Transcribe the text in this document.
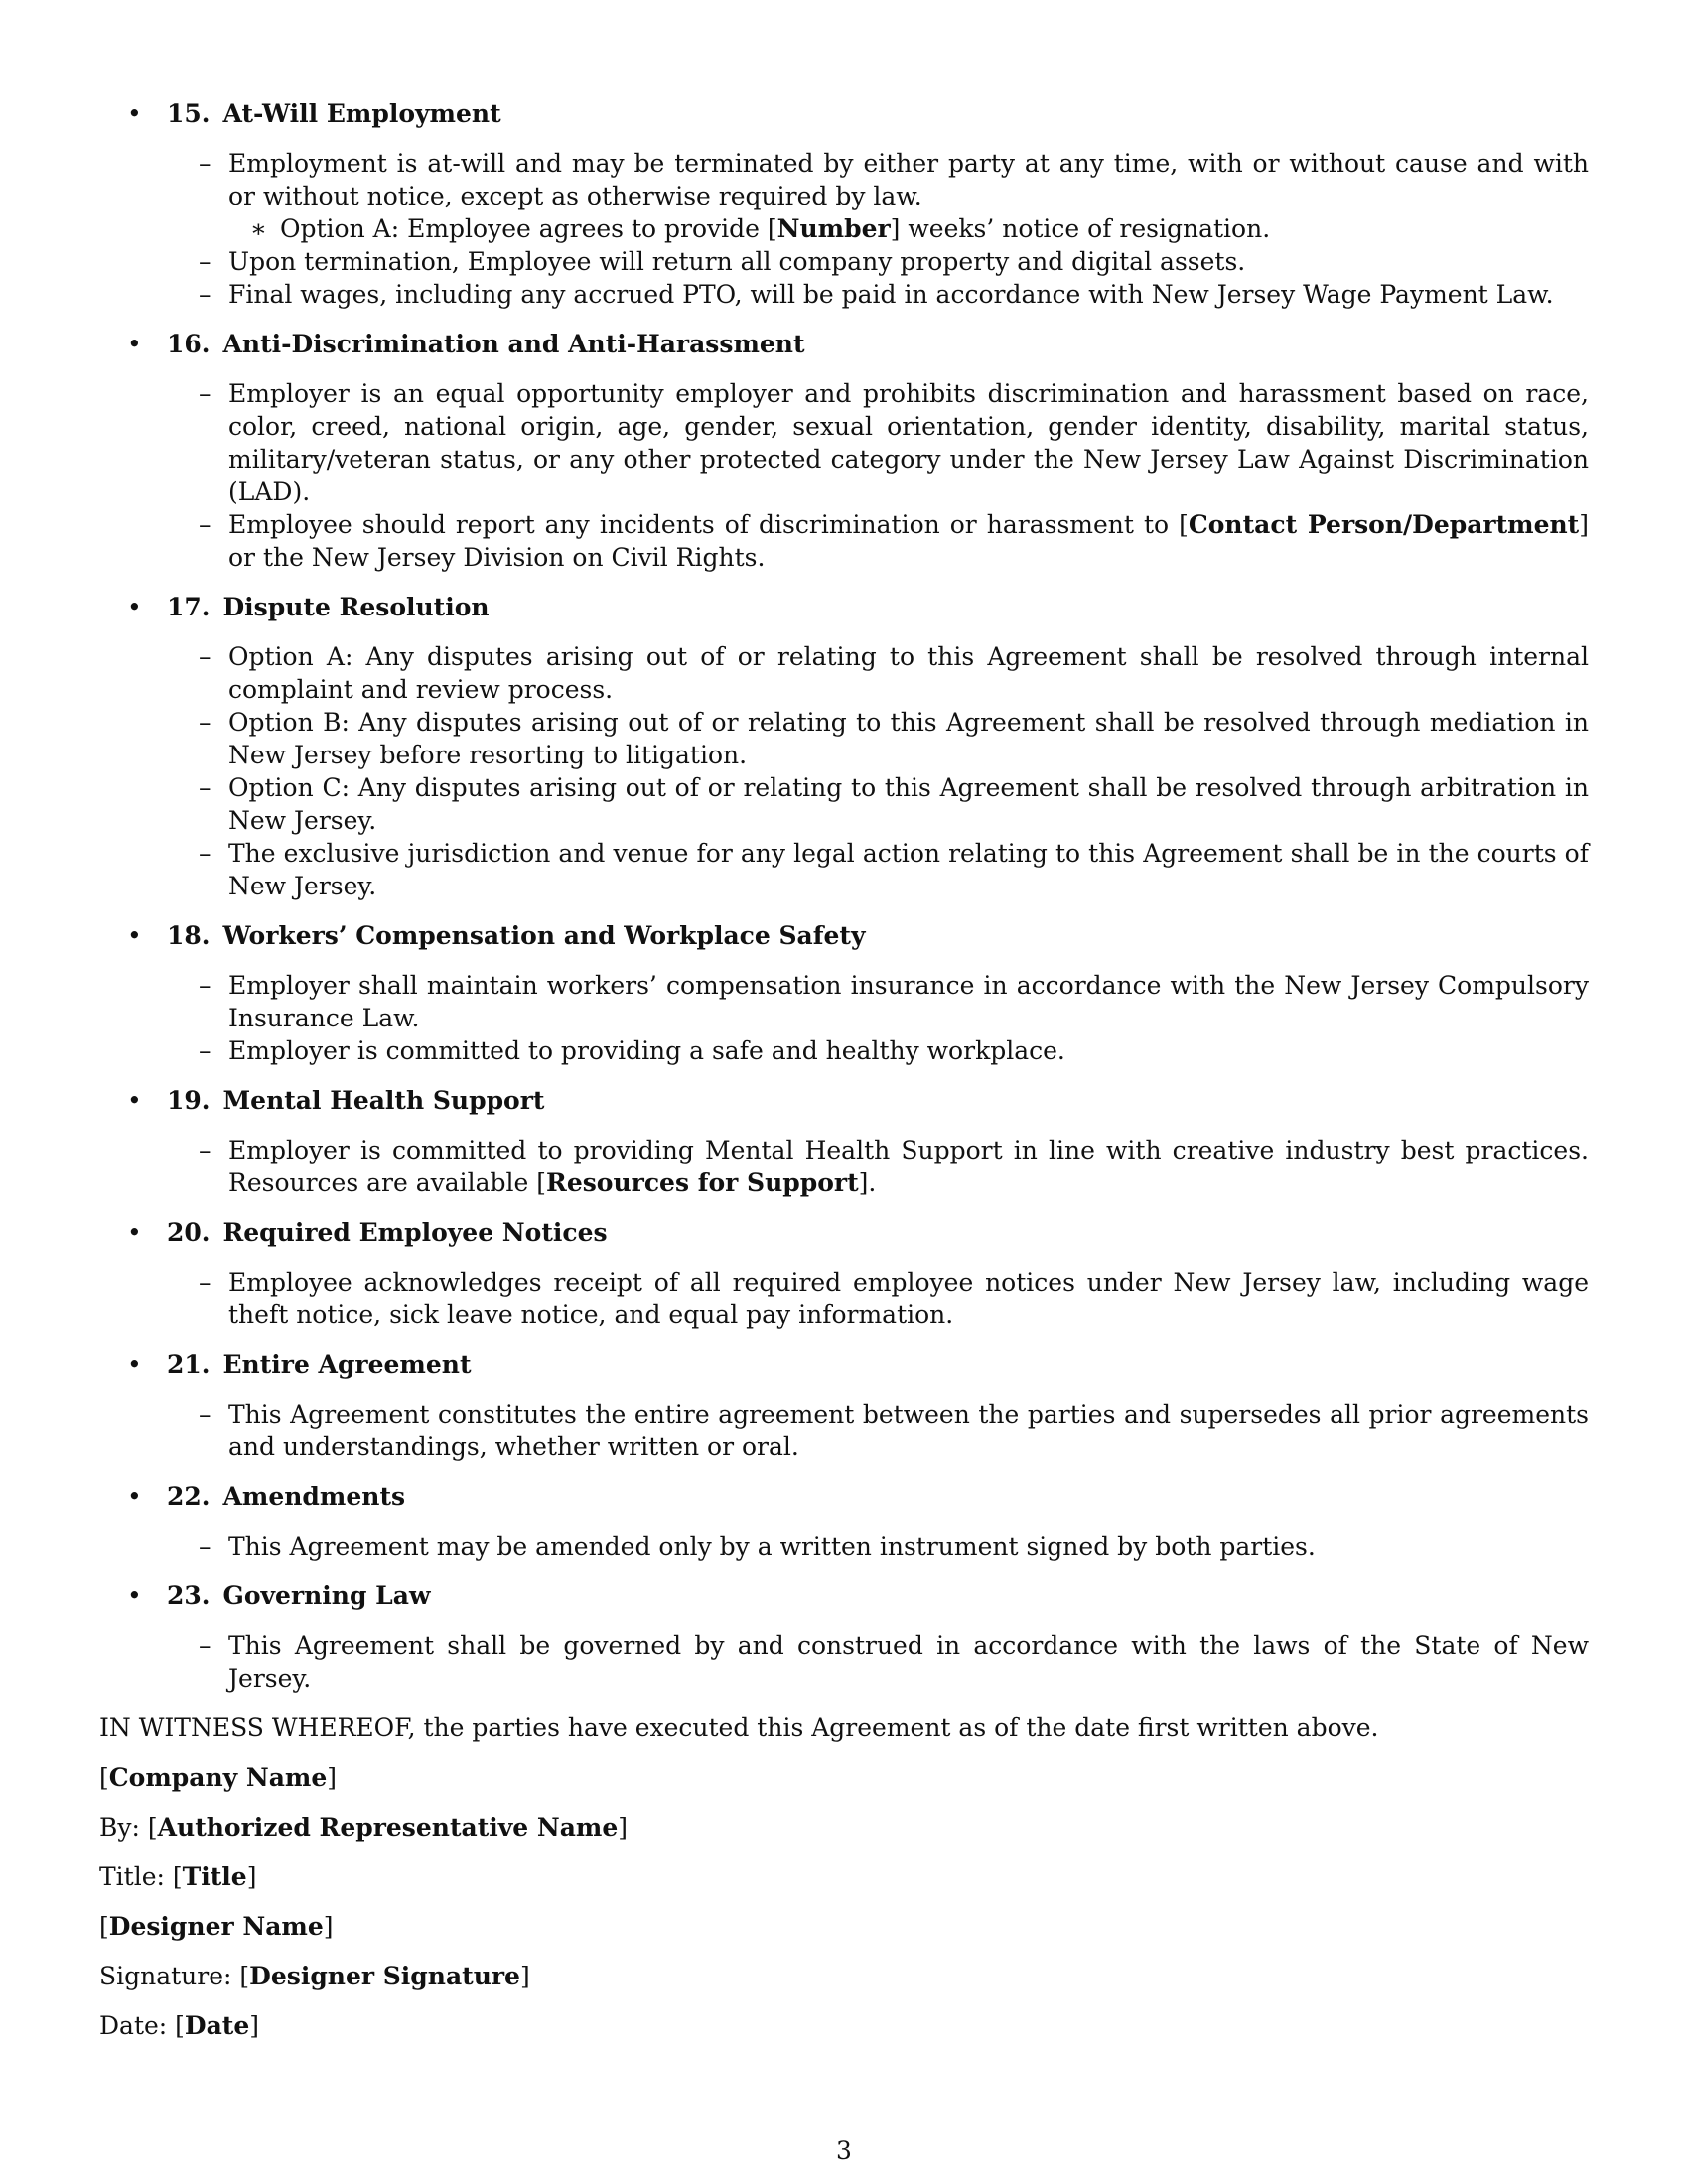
• 15. At-Will Employment
– Employment is at-will and may be terminated by either party at any time, with or without cause and with or without notice, except as otherwise required by law.
∗ Option A: Employee agrees to provide [Number] weeks’ notice of resignation.
– Upon termination, Employee will return all company property and digital assets.
– Final wages, including any accrued PTO, will be paid in accordance with New Jersey Wage Payment Law.
• 16. Anti-Discrimination and Anti-Harassment
– Employer is an equal opportunity employer and prohibits discrimination and harassment based on race, color, creed, national origin, age, gender, sexual orientation, gender identity, disability, marital status, military/veteran status, or any other protected category under the New Jersey Law Against Discrimination (LAD).
– Employee should report any incidents of discrimination or harassment to [Contact Person/Department] or the New Jersey Division on Civil Rights.
• 17. Dispute Resolution
– Option A: Any disputes arising out of or relating to this Agreement shall be resolved through internal complaint and review process.
– Option B: Any disputes arising out of or relating to this Agreement shall be resolved through mediation in New Jersey before resorting to litigation.
– Option C: Any disputes arising out of or relating to this Agreement shall be resolved through arbitration in New Jersey.
– The exclusive jurisdiction and venue for any legal action relating to this Agreement shall be in the courts of New Jersey.
• 18. Workers’ Compensation and Workplace Safety
– Employer shall maintain workers’ compensation insurance in accordance with the New Jersey Compulsory Insurance Law.
– Employer is committed to providing a safe and healthy workplace.
• 19. Mental Health Support
– Employer is committed to providing Mental Health Support in line with creative industry best practices. Resources are available [Resources for Support].
• 20. Required Employee Notices
– Employee acknowledges receipt of all required employee notices under New Jersey law, including wage theft notice, sick leave notice, and equal pay information.
• 21. Entire Agreement
– This Agreement constitutes the entire agreement between the parties and supersedes all prior agreements and understandings, whether written or oral.
• 22. Amendments
– This Agreement may be amended only by a written instrument signed by both parties.
• 23. Governing Law
– This Agreement shall be governed by and construed in accordance with the laws of the State of New Jersey.

IN WITNESS WHEREOF, the parties have executed this Agreement as of the date first written above.

[Company Name]

By: [Authorized Representative Name]

Title: [Title]

[Designer Name]

Signature: [Designer Signature]

Date: [Date]

3
